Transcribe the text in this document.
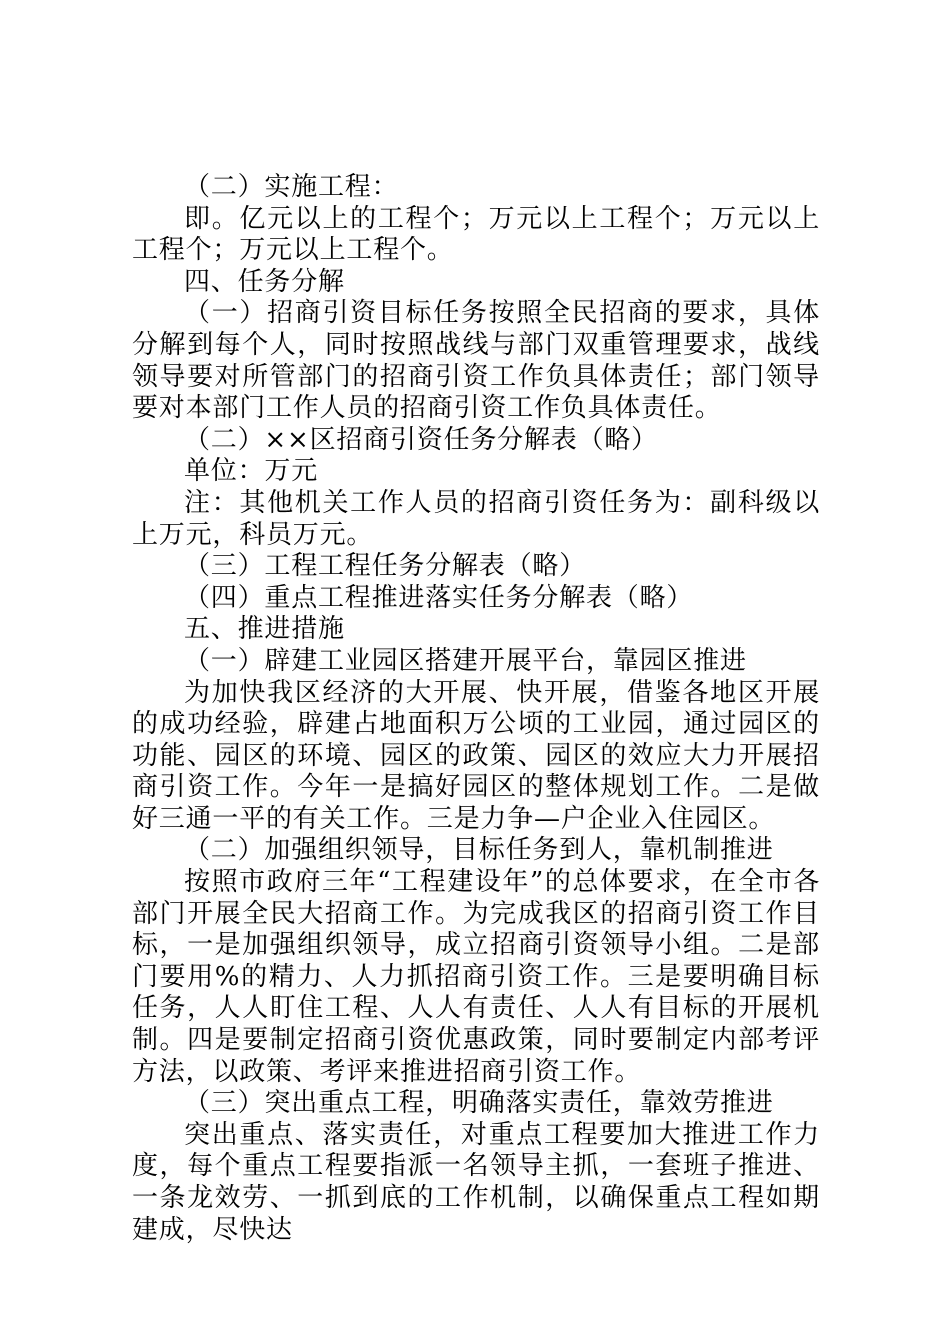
（二）实施工程：

即。亿元以上的工程个；万元以上工程个；万元以上工程个；万元以上工程个。

四、任务分解

（一）招商引资目标任务按照全民招商的要求，具体分解到每个人，同时按照战线与部门双重管理要求，战线领导要对所管部门的招商引资工作负具体责任；部门领导要对本部门工作人员的招商引资工作负具体责任。

（二）××区招商引资任务分解表（略）

单位：万元

注：其他机关工作人员的招商引资任务为：副科级以上万元，科员万元。

（三）工程工程任务分解表（略）

（四）重点工程推进落实任务分解表（略）

五、推进措施

（一）辟建工业园区搭建开展平台，靠园区推进

为加快我区经济的大开展、快开展，借鉴各地区开展的成功经验，辟建占地面积万公顷的工业园，通过园区的功能、园区的环境、园区的政策、园区的效应大力开展招商引资工作。今年一是搞好园区的整体规划工作。二是做好三通一平的有关工作。三是力争—户企业入住园区。

（二）加强组织领导，目标任务到人，靠机制推进

按照市政府三年“工程建设年”的总体要求，在全市各部门开展全民大招商工作。为完成我区的招商引资工作目标，一是加强组织领导，成立招商引资领导小组。二是部门要用%的精力、人力抓招商引资工作。三是要明确目标任务，人人盯住工程、人人有责任、人人有目标的开展机制。四是要制定招商引资优惠政策，同时要制定内部考评方法，以政策、考评来推进招商引资工作。

（三）突出重点工程，明确落实责任，靠效劳推进

突出重点、落实责任，对重点工程要加大推进工作力度，每个重点工程要指派一名领导主抓，一套班子推进、一条龙效劳、一抓到底的工作机制，以确保重点工程如期建成，尽快达
